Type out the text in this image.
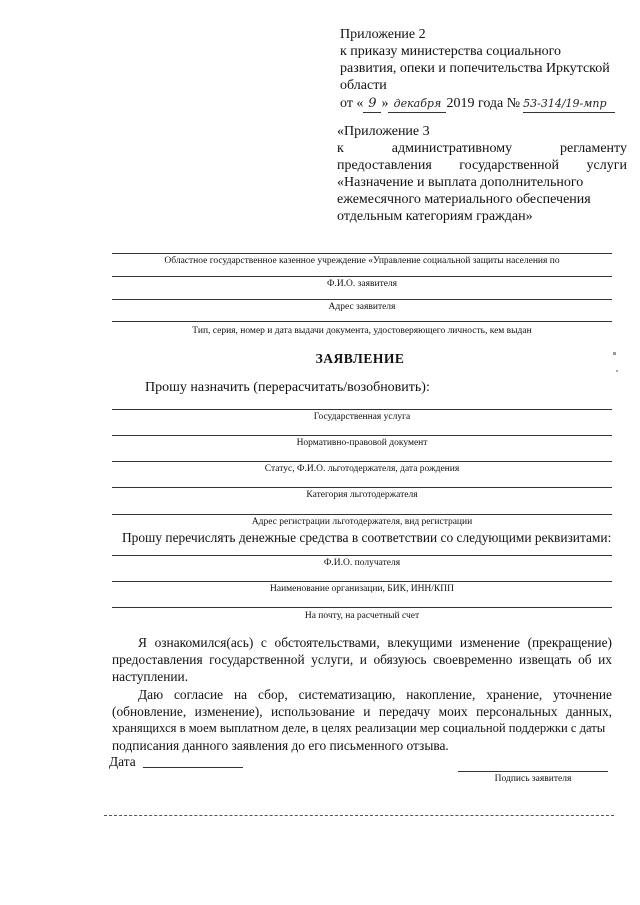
Приложение 2
к приказу министерства социального
развития, опеки и попечительства Иркутской
области
от « 9 » декабря 2019 года № 53-314/19-мпр
«Приложение 3
к	административному	регламенту
предоставления государственной услуги
«Назначение и выплата дополнительного
ежемесячного материального обеспечения
отдельным категориям граждан»
Областное государственное казенное учреждение «Управление социальной защиты населения по
Ф.И.О. заявителя
Адрес заявителя
Тип, серия, номер и дата выдачи документа, удостоверяющего личность, кем выдан
ЗАЯВЛЕНИЕ
Прошу назначить (перерасчитать/возобновить):
Государственная услуга
Нормативно-правовой документ
Статус, Ф.И.О. льготодержателя, дата рождения
Категория льготодержателя
Адрес регистрации льготодержателя, вид регистрации
Прошу перечислять денежные средства в соответствии со следующими реквизитами:
Ф.И.О. получателя
Наименование организации, БИК, ИНН/КПП
На почту, на расчетный счет
Я ознакомился(ась) с обстоятельствами, влекущими изменение (прекращение)
предоставления государственной услуги, и обязуюсь своевременно извещать об их
наступлении.
Даю согласие на сбор, систематизацию, накопление, хранение, уточнение
(обновление, изменение), использование и передачу моих персональных данных,
хранящихся в моем выплатном деле, в целях реализации мер социальной поддержки с даты
подписания данного заявления до его письменного отзыва.
Дата
Подпись заявителя
